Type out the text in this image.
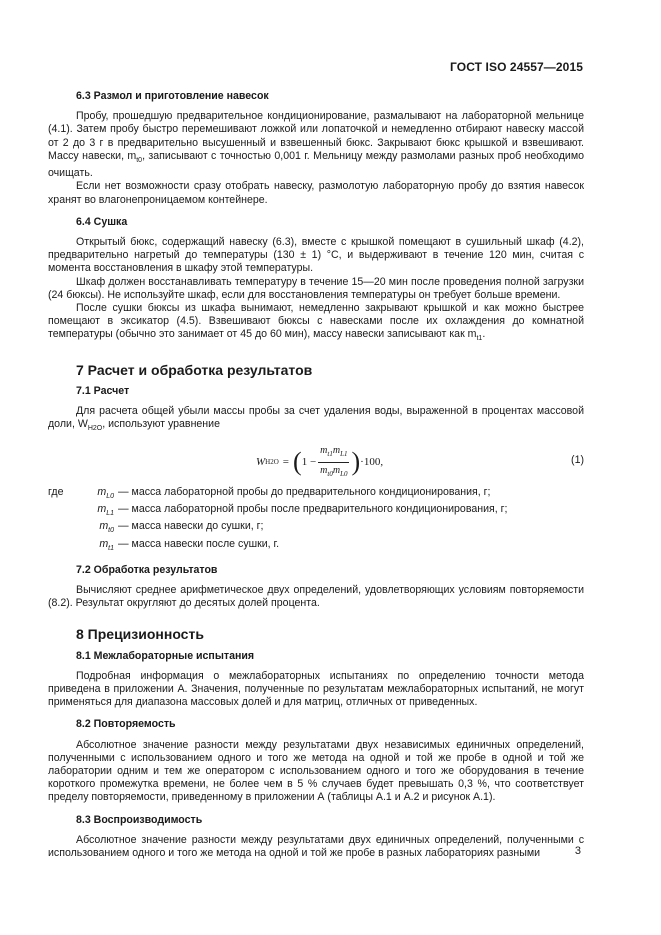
ГОСТ ISO 24557—2015
6.3 Размол и приготовление навесок

Пробу, прошедшую предварительное кондиционирование, размалывают на лабораторной мельнице (4.1). Затем пробу быстро перемешивают ложкой или лопаточкой и немедленно отбирают навеску массой от 2 до 3 г в предварительно высушенный и взвешенный бюкс. Закрывают бюкс крышкой и взвешивают. Массу навески, $m_{t0}$, записывают с точностью 0,001 г. Мельницу между размолами разных проб необходимо очищать.

Если нет возможности сразу отобрать навеску, размолотую лабораторную пробу до взятия навесок хранят во влагонепроницаемом контейнере.

6.4 Сушка

Открытый бюкс, содержащий навеску (6.3), вместе с крышкой помещают в сушильный шкаф (4.2), предварительно нагретый до температуры (130 ± 1) °С, и выдерживают в течение 120 мин, считая с момента восстановления в шкафу этой температуры.

Шкаф должен восстанавливать температуру в течение 15—20 мин после проведения полной загрузки (24 бюксы). Не используйте шкаф, если для восстановления температуры он требует больше времени.

После сушки бюксы из шкафа вынимают, немедленно закрывают крышкой и как можно быстрее помещают в эксикатор (4.5). Взвешивают бюксы с навесками после их охлаждения до комнатной температуры (обычно это занимает от 45 до 60 мин), массу навески записывают как $m_{t1}$.

7 Расчет и обработка результатов
7.1 Расчет

Для расчета общей убыли массы пробы за счет удаления воды, выраженной в процентах массовой доли, $W_{H2O}$, используют уравнение

W H2O = ( $1 - \frac{m_{t1}m_{L1}}{m_{t0}m_{L0}}$ ) ·100,	(1)
где	$m_{L0}$ — масса лабораторной пробы до предварительного кондиционирования, г;
$m_{L1}$ — масса лабораторной пробы после предварительного кондиционирования, г;
$m_{t0}$ — масса навески до сушки, г;
$m_{t1}$ — масса навески после сушки, г.
7.2 Обработка результатов

Вычисляют среднее арифметическое двух определений, удовлетворяющих условиям повторяемости (8.2). Результат округляют до десятых долей процента.

8 Прецизионность
8.1 Межлабораторные испытания

Подробная информация о межлабораторных испытаниях по определению точности метода приведена в приложении А. Значения, полученные по результатам межлабораторных испытаний, не могут применяться для диапазона массовых долей и для матриц, отличных от приведенных.

8.2 Повторяемость

Абсолютное значение разности между результатами двух независимых единичных определений, полученными с использованием одного и того же метода на одной и той же пробе в одной и той же лаборатории одним и тем же оператором с использованием одного и того же оборудования в течение короткого промежутка времени, не более чем в 5 % случаев будет превышать 0,3 %, что соответствует пределу повторяемости, приведенному в приложении А (таблицы А.1 и А.2 и рисунок А.1).

8.3 Воспроизводимость

Абсолютное значение разности между результатами двух единичных определений, полученными с использованием одного и того же метода на одной и той же пробе в разных лабораториях разными	3
